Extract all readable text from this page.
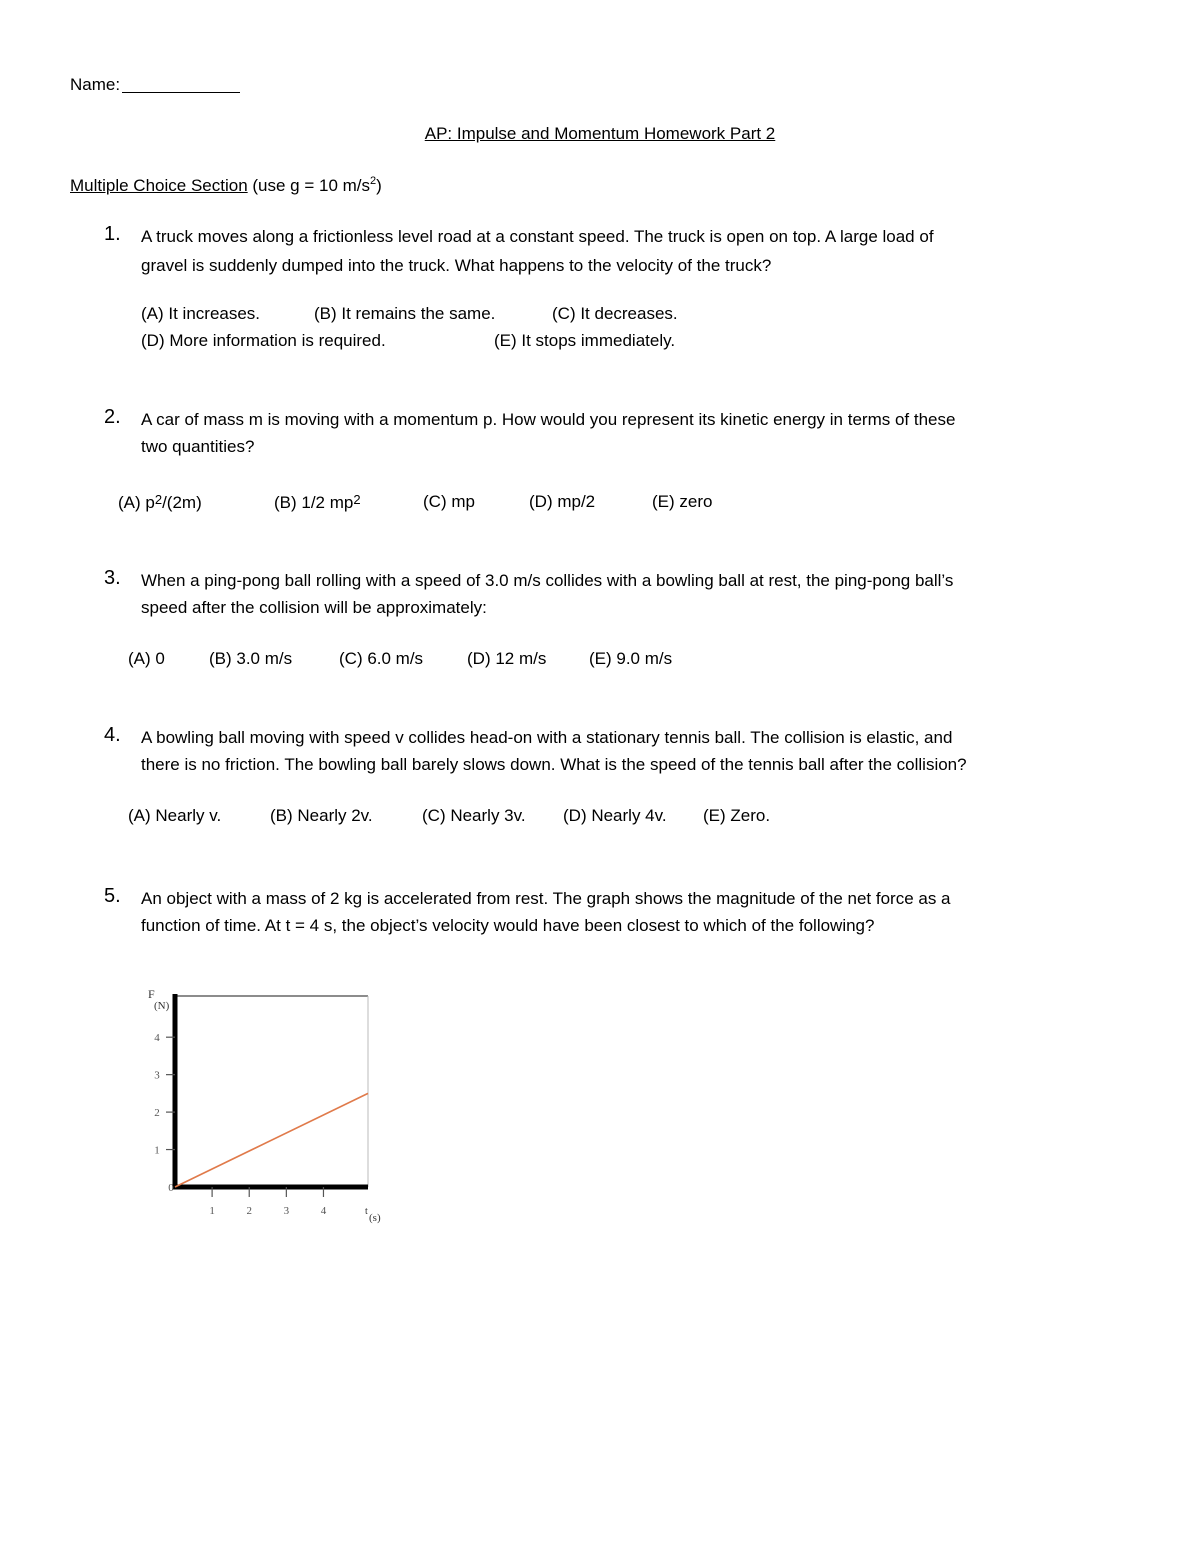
Name:
AP: Impulse and Momentum Homework Part 2
Multiple Choice Section (use g = 10 $m/s^2$)
1. A truck moves along a frictionless level road at a constant speed. The truck is open on top. A large load of
gravel is suddenly dumped into the truck. What happens to the velocity of the truck?
(A) It increases.	(B) It remains the same.	(C) It decreases.
(D) More information is required.	(E) It stops immediately.
2. A car of mass m is moving with a momentum p. How would you represent its kinetic energy in terms of these
two quantities?
(A) $p^2/(2m)$	(B) 1/2 $mp^2$	(C) mp	(D) mp/2	(E) zero
3. When a ping-pong ball rolling with a speed of 3.0 m/s collides with a bowling ball at rest, the ping-pong ball’s
speed after the collision will be approximately:
(A) 0	(B) 3.0 m/s	(C) 6.0 m/s	(D) 12 m/s	(E) 9.0 m/s
4. A bowling ball moving with speed v collides head-on with a stationary tennis ball. The collision is elastic, and
there is no friction. The bowling ball barely slows down. What is the speed of the tennis ball after the collision?
(A) Nearly v.	(B) Nearly 2v.	(C) Nearly 3v. (D) Nearly 4v. (E) Zero.
5. An object with a mass of 2 kg is accelerated from rest. The graph shows the magnitude of the net force as a
function of time. At t = 4 s, the object’s velocity would have been closest to which of the following?
0
1
2
3
4
1	2	3	4
F
(N)
t
(s)
